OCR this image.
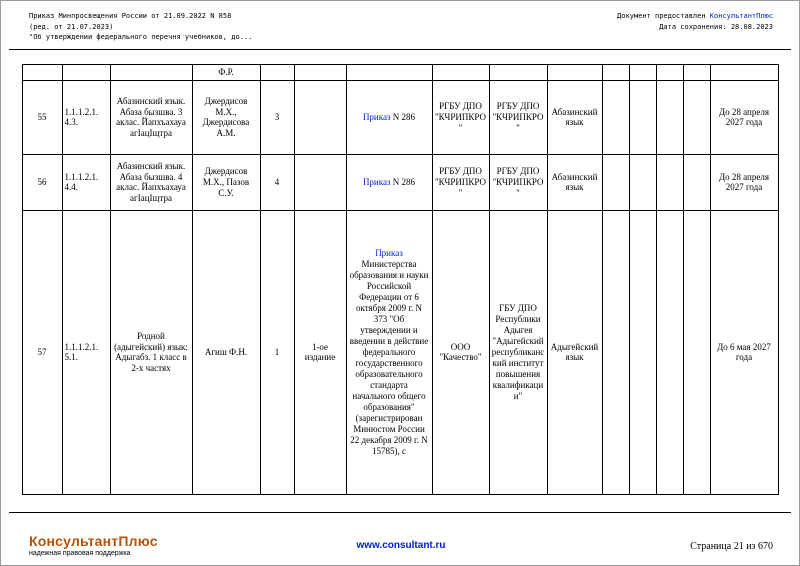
Приказ Минпросвещения России от 21.09.2022 N 858
(ред. от 21.07.2023)
"Об утверждении федерального перечня учебников, до...
Документ предоставлен КонсультантПлюс
Дата сохранения: 28.08.2023
			Ф.Р.											
55	1.1.1.2.1. 4.3.	Абазинский язык. Абаза бызшва. 3 аклас. Йапхъахауа агІацІщтра	Джердисов М.Х., Джердисова А.М.	3		Приказ N 286	РГБУ ДПО "КЧРИПКРО"	РГБУ ДПО "КЧРИПКРО"	Абазинский язык					До 28 апреля 2027 года
56	1.1.1.2.1. 4.4.	Абазинский язык. Абаза бызшва. 4 аклас. Йапхъахауа агІацІщтра	Джердисов М.Х., Пазов С.У.	4		Приказ N 286	РГБУ ДПО "КЧРИПКРО"	РГБУ ДПО "КЧРИПКРО"	Абазинский язык					До 28 апреля 2027 года
57	1.1.1.2.1. 5.1.	Родной (адыгейский) язык: Адыгабз. 1 класс в 2-х частях	Агиш Ф.Н.	1	1-ое издание	Приказ Министерства образования и науки Российской Федерации от 6 октября 2009 г. N 373 "Об утверждении и введении в действие федерального государственного образовательного стандарта начального общего образования" (зарегистрирован Минюстом России 22 декабря 2009 г. N 15785), с	ООО "Качество"	ГБУ ДПО Республики Адыгея "Адыгейский республиканский институт повышения квалификации"	Адыгейский язык					До 6 мая 2027 года
КонсультантПлюс
надежная правовая поддержка
www.consultant.ru	Страница 21 из 670
